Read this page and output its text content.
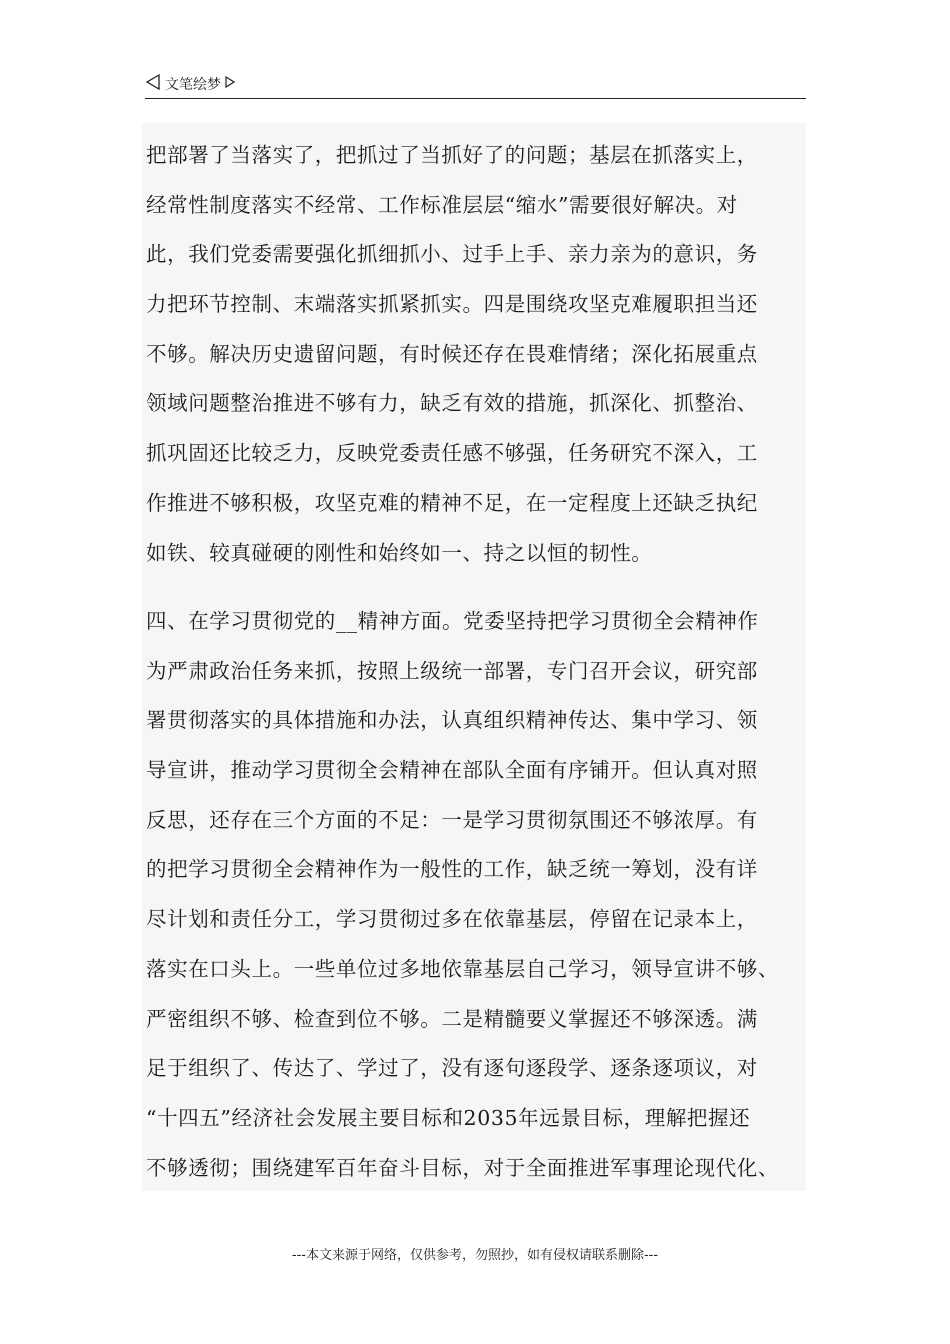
文笔绘梦
把部署了当落实了，把抓过了当抓好了的问题；基层在抓落实上，
经常性制度落实不经常、工作标准层层“缩水”需要很好解决。对
此，我们党委需要强化抓细抓小、过手上手、亲力亲为的意识，务
力把环节控制、末端落实抓紧抓实。四是围绕攻坚克难履职担当还
不够。解决历史遗留问题，有时候还存在畏难情绪；深化拓展重点
领域问题整治推进不够有力，缺乏有效的措施，抓深化、抓整治、
抓巩固还比较乏力，反映党委责任感不够强，任务研究不深入，工
作推进不够积极，攻坚克难的精神不足，在一定程度上还缺乏执纪
如铁、较真碰硬的刚性和始终如一、持之以恒的韧性。
四、在学习贯彻党的__精神方面。党委坚持把学习贯彻全会精神作
为严肃政治任务来抓，按照上级统一部署，专门召开会议，研究部
署贯彻落实的具体措施和办法，认真组织精神传达、集中学习、领
导宣讲，推动学习贯彻全会精神在部队全面有序铺开。但认真对照
反思，还存在三个方面的不足：一是学习贯彻氛围还不够浓厚。有
的把学习贯彻全会精神作为一般性的工作，缺乏统一筹划，没有详
尽计划和责任分工，学习贯彻过多在依靠基层，停留在记录本上，
落实在口头上。一些单位过多地依靠基层自己学习，领导宣讲不够、
严密组织不够、检查到位不够。二是精髓要义掌握还不够深透。满
足于组织了、传达了、学过了，没有逐句逐段学、逐条逐项议，对
“十四五”经济社会发展主要目标和2035年远景目标，理解把握还
不够透彻；围绕建军百年奋斗目标，对于全面推进军事理论现代化、
---本文来源于网络，仅供参考，勿照抄，如有侵权请联系删除---
